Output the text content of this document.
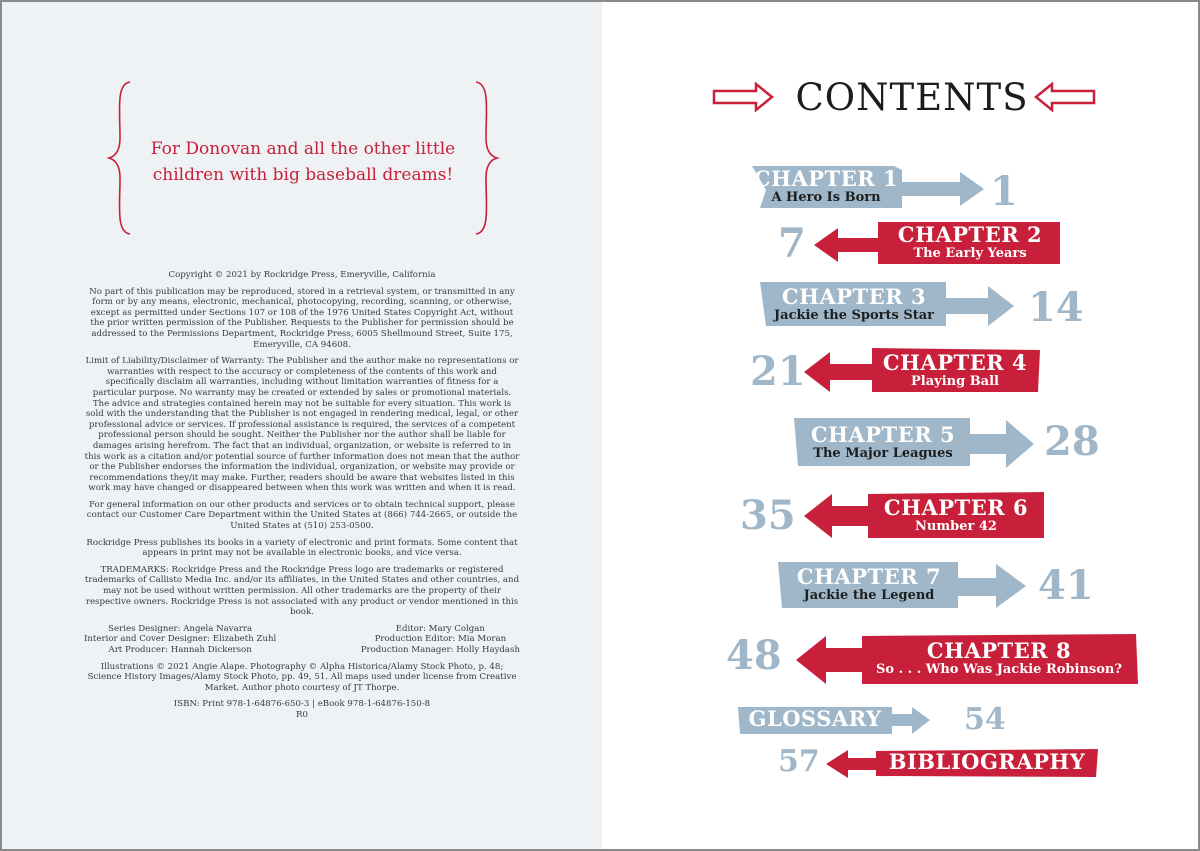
For Donovan and all the other little children with big baseball dreams!

Copyright © 2021 by Rockridge Press, Emeryville, California

No part of this publication may be reproduced, stored in a retrieval system, or transmitted in any form or by any means, electronic, mechanical, photocopying, recording, scanning, or otherwise, except as permitted under Sections 107 or 108 of the 1976 United States Copyright Act, without the prior written permission of the Publisher. Requests to the Publisher for permission should be addressed to the Permissions Department, Rockridge Press, 6005 Shellmound Street, Suite 175, Emeryville, CA 94608.

Limit of Liability/Disclaimer of Warranty: The Publisher and the author make no representations or warranties with respect to the accuracy or completeness of the contents of this work and specifically disclaim all warranties, including without limitation warranties of fitness for a particular purpose. No warranty may be created or extended by sales or promotional materials. The advice and strategies contained herein may not be suitable for every situation. This work is sold with the understanding that the Publisher is not engaged in rendering medical, legal, or other professional advice or services. If professional assistance is required, the services of a competent professional person should be sought. Neither the Publisher nor the author shall be liable for damages arising herefrom. The fact that an individual, organization, or website is referred to in this work as a citation and/or potential source of further information does not mean that the author or the Publisher endorses the information the individual, organization, or website may provide or recommendations they/it may make. Further, readers should be aware that websites listed in this work may have changed or disappeared between when this work was written and when it is read.

For general information on our other products and services or to obtain technical support, please contact our Customer Care Department within the United States at (866) 744-2665, or outside the United States at (510) 253-0500.

Rockridge Press publishes its books in a variety of electronic and print formats. Some content that appears in print may not be available in electronic books, and vice versa.

TRADEMARKS: Rockridge Press and the Rockridge Press logo are trademarks or registered trademarks of Callisto Media Inc. and/or its affiliates, in the United States and other countries, and may not be used without written permission. All other trademarks are the property of their respective owners. Rockridge Press is not associated with any product or vendor mentioned in this book.

Series Designer: Angela Navarra
Interior and Cover Designer: Elizabeth Zuhl
Art Producer: Hannah Dickerson
Editor: Mary Colgan
Production Editor: Mia Moran
Production Manager: Holly Haydash

Illustrations © 2021 Angie Alape. Photography © Alpha Historica/Alamy Stock Photo, p. 48; Science History Images/Alamy Stock Photo, pp. 49, 51. All maps used under license from Creative Market. Author photo courtesy of JT Thorpe.

ISBN: Print 978-1-64876-650-3 | eBook 978-1-64876-150-8
R0
CONTENTS
CHAPTER 1
A Hero Is Born	1
7	CHAPTER 2
The Early Years
CHAPTER 3
Jackie the Sports Star 14
21	CHAPTER 4
Playing Ball
CHAPTER 5
The Major Leagues	28
35	CHAPTER 6
Number 42
CHAPTER 7
Jackie the Legend	41
48	CHAPTER 8
So . . . Who Was Jackie Robinson?
GLOSSARY	54
57	BIBLIOGRAPHY
